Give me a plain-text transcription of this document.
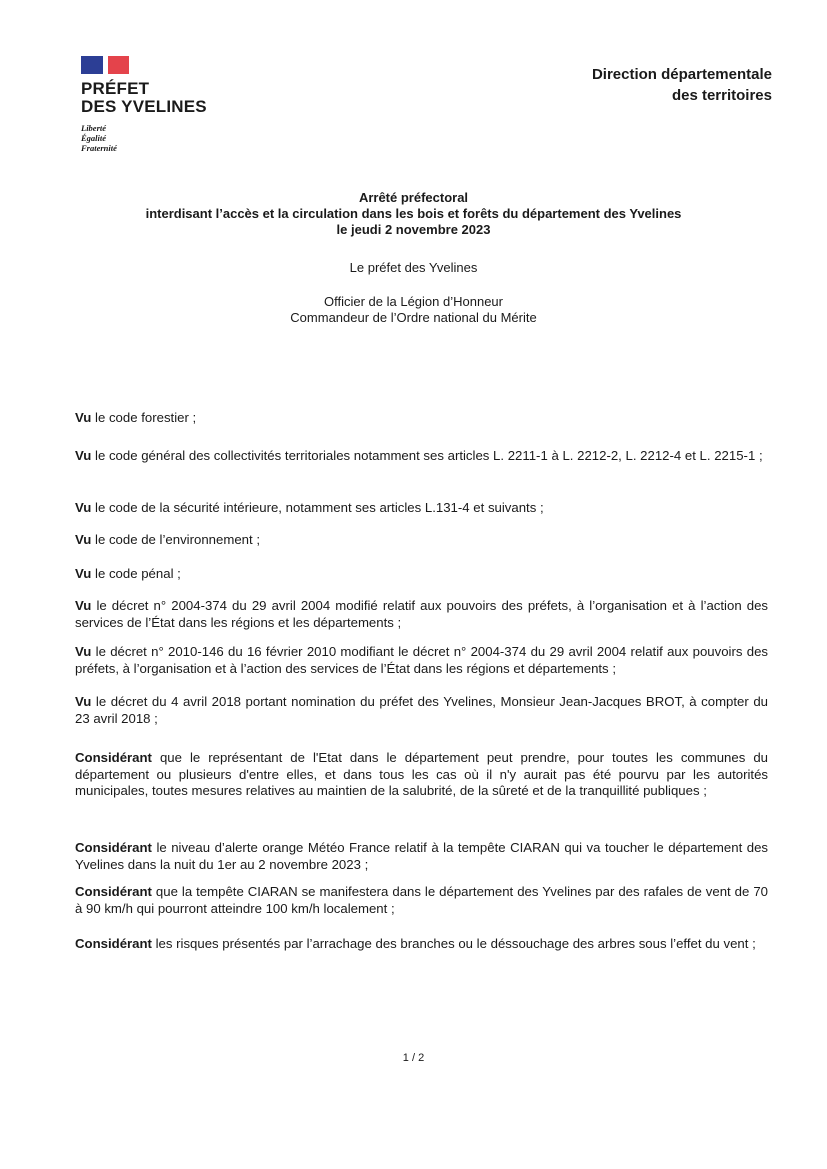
PRÉFET
DES YVELINES
Liberté
Égalité
Fraternité
Direction départementale
des territoires
Arrêté préfectoral
interdisant l’accès et la circulation dans les bois et forêts du département des Yvelines
le jeudi 2 novembre 2023
Le préfet des Yvelines
Officier de la Légion d’Honneur
Commandeur de l’Ordre national du Mérite
Vu le code forestier ;
Vu le code général des collectivités territoriales notamment ses articles L. 2211-1 à L. 2212-2, L. 2212-4 et L. 2215-1 ;
Vu le code de la sécurité intérieure, notamment ses articles L.131-4 et suivants ;
Vu le code de l’environnement ;
Vu le code pénal ;
Vu le décret n° 2004-374 du 29 avril 2004 modifié relatif aux pouvoirs des préfets, à l’organisation et à l’action des services de l’État dans les régions et les départements ;
Vu le décret n° 2010-146 du 16 février 2010 modifiant le décret n° 2004-374 du 29 avril 2004 relatif aux pouvoirs des préfets, à l’organisation et à l’action des services de l’État dans les régions et départements ;
Vu le décret du 4 avril 2018 portant nomination du préfet des Yvelines, Monsieur Jean-Jacques BROT, à compter du 23 avril 2018 ;
Considérant que le représentant de l'Etat dans le département peut prendre, pour toutes les communes du département ou plusieurs d'entre elles, et dans tous les cas où il n'y aurait pas été pourvu par les autorités municipales, toutes mesures relatives au maintien de la salubrité, de la sûreté et de la tranquillité publiques ;
Considérant le niveau d’alerte orange Météo France relatif à la tempête CIARAN qui va toucher le département des Yvelines dans la nuit du 1er au 2 novembre 2023 ;
Considérant que la tempête CIARAN se manifestera dans le département des Yvelines par des rafales de vent de 70 à 90 km/h qui pourront atteindre 100 km/h localement ;
Considérant les risques présentés par l’arrachage des branches ou le déssouchage des arbres sous l’effet du vent ;
1 / 2
